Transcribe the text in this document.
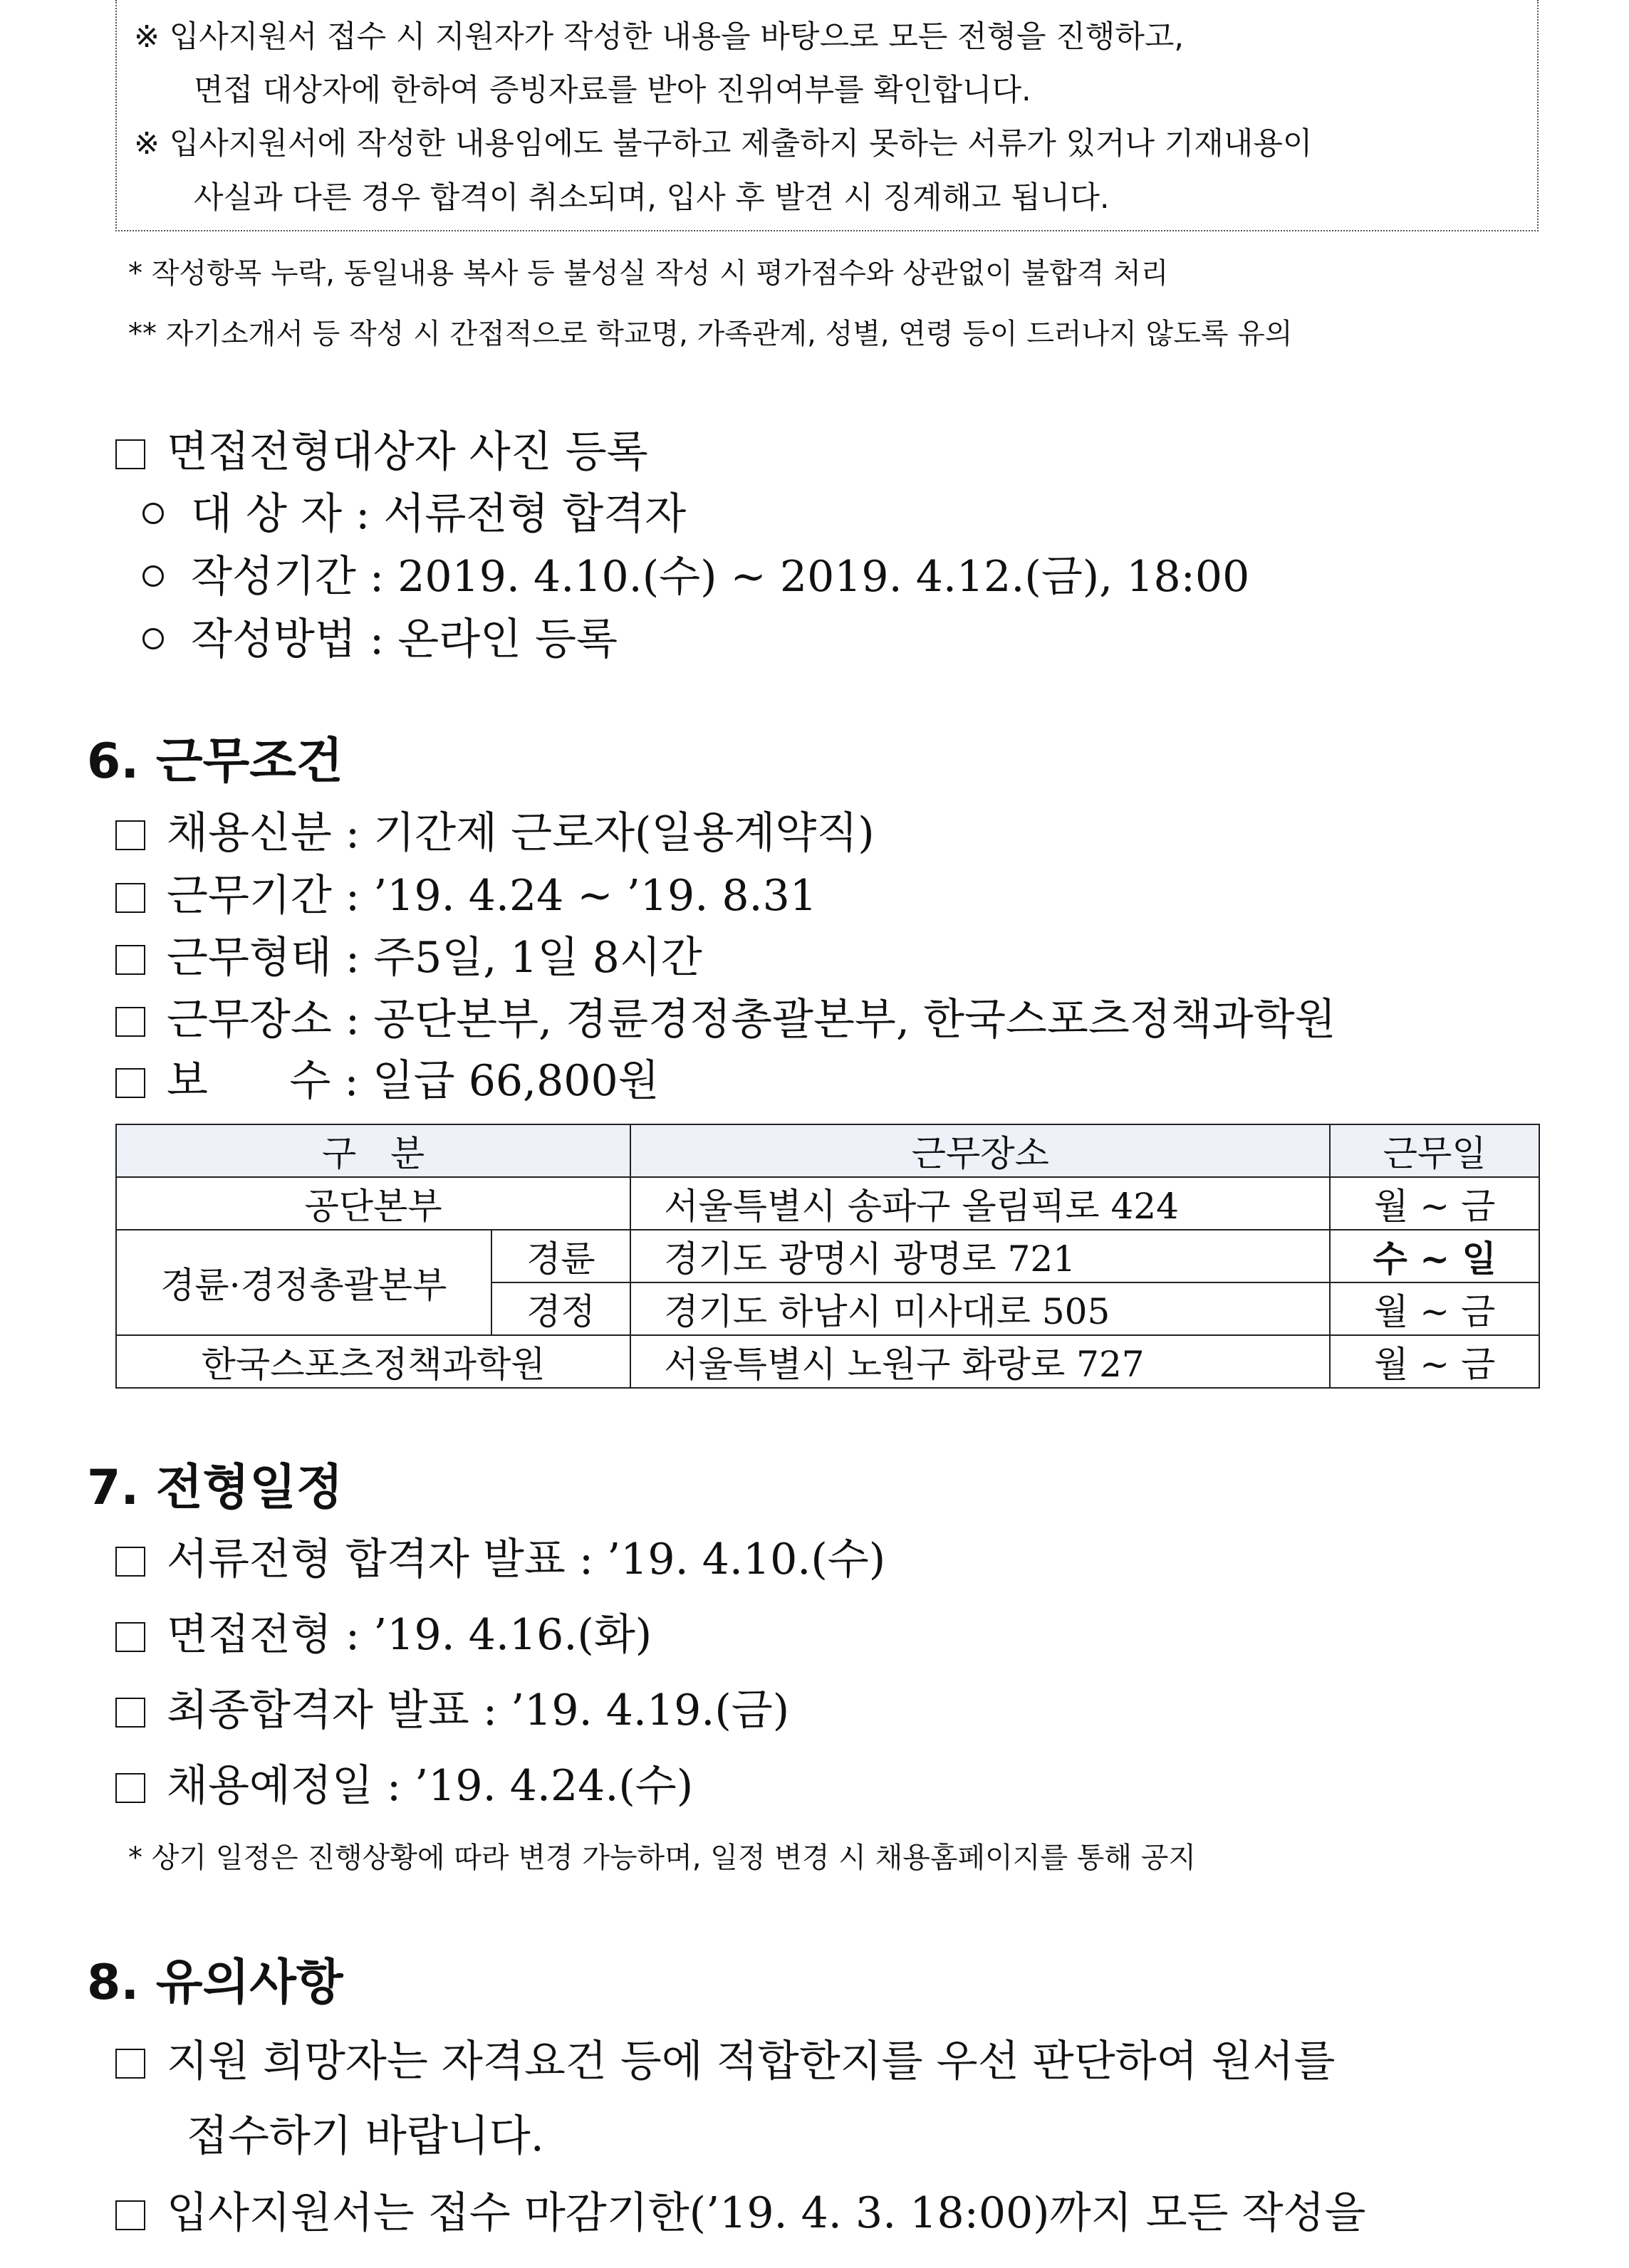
※ 입사지원서 접수 시 지원자가 작성한 내용을 바탕으로 모든 전형을 진행하고,
면접 대상자에 한하여 증빙자료를 받아 진위여부를 확인합니다.
※ 입사지원서에 작성한 내용임에도 불구하고 제출하지 못하는 서류가 있거나 기재내용이
사실과 다른 경우 합격이 취소되며, 입사 후 발견 시 징계해고 됩니다.
* 작성항목 누락, 동일내용 복사 등 불성실 작성 시 평가점수와 상관없이 불합격 처리
** 자기소개서 등 작성 시 간접적으로 학교명, 가족관계, 성별, 연령 등이 드러나지 않도록 유의
면접전형대상자 사진 등록
대 상 자 : 서류전형 합격자
작성기간 : 2019. 4.10.(수) ~ 2019. 4.12.(금), 18:00
작성방법 : 온라인 등록
6. 근무조건
채용신분 : 기간제 근로자(일용계약직)
근무기간 : ’19. 4.24 ~ ’19. 8.31
근무형태 : 주5일, 1일 8시간
근무장소 : 공단본부, 경륜경정총괄본부, 한국스포츠정책과학원
보      수 : 일급 66,800원
구   분		근무장소	근무일
공단본부		서울특별시 송파구 올림픽로 424	월 ~ 금
경륜·경정총괄본부	경륜	경기도 광명시 광명로 721	수 ~ 일
	경정	경기도 하남시 미사대로 505	월 ~ 금
한국스포츠정책과학원		서울특별시 노원구 화랑로 727	월 ~ 금
7. 전형일정
서류전형 합격자 발표 : ’19. 4.10.(수)
면접전형 : ’19. 4.16.(화)
최종합격자 발표 : ’19. 4.19.(금)
채용예정일 : ’19. 4.24.(수)
* 상기 일정은 진행상황에 따라 변경 가능하며, 일정 변경 시 채용홈페이지를 통해 공지
8. 유의사항
지원 희망자는 자격요건 등에 적합한지를 우선 판단하여 원서를
접수하기 바랍니다.
입사지원서는 접수 마감기한(’19. 4. 3. 18:00)까지 모든 작성을
